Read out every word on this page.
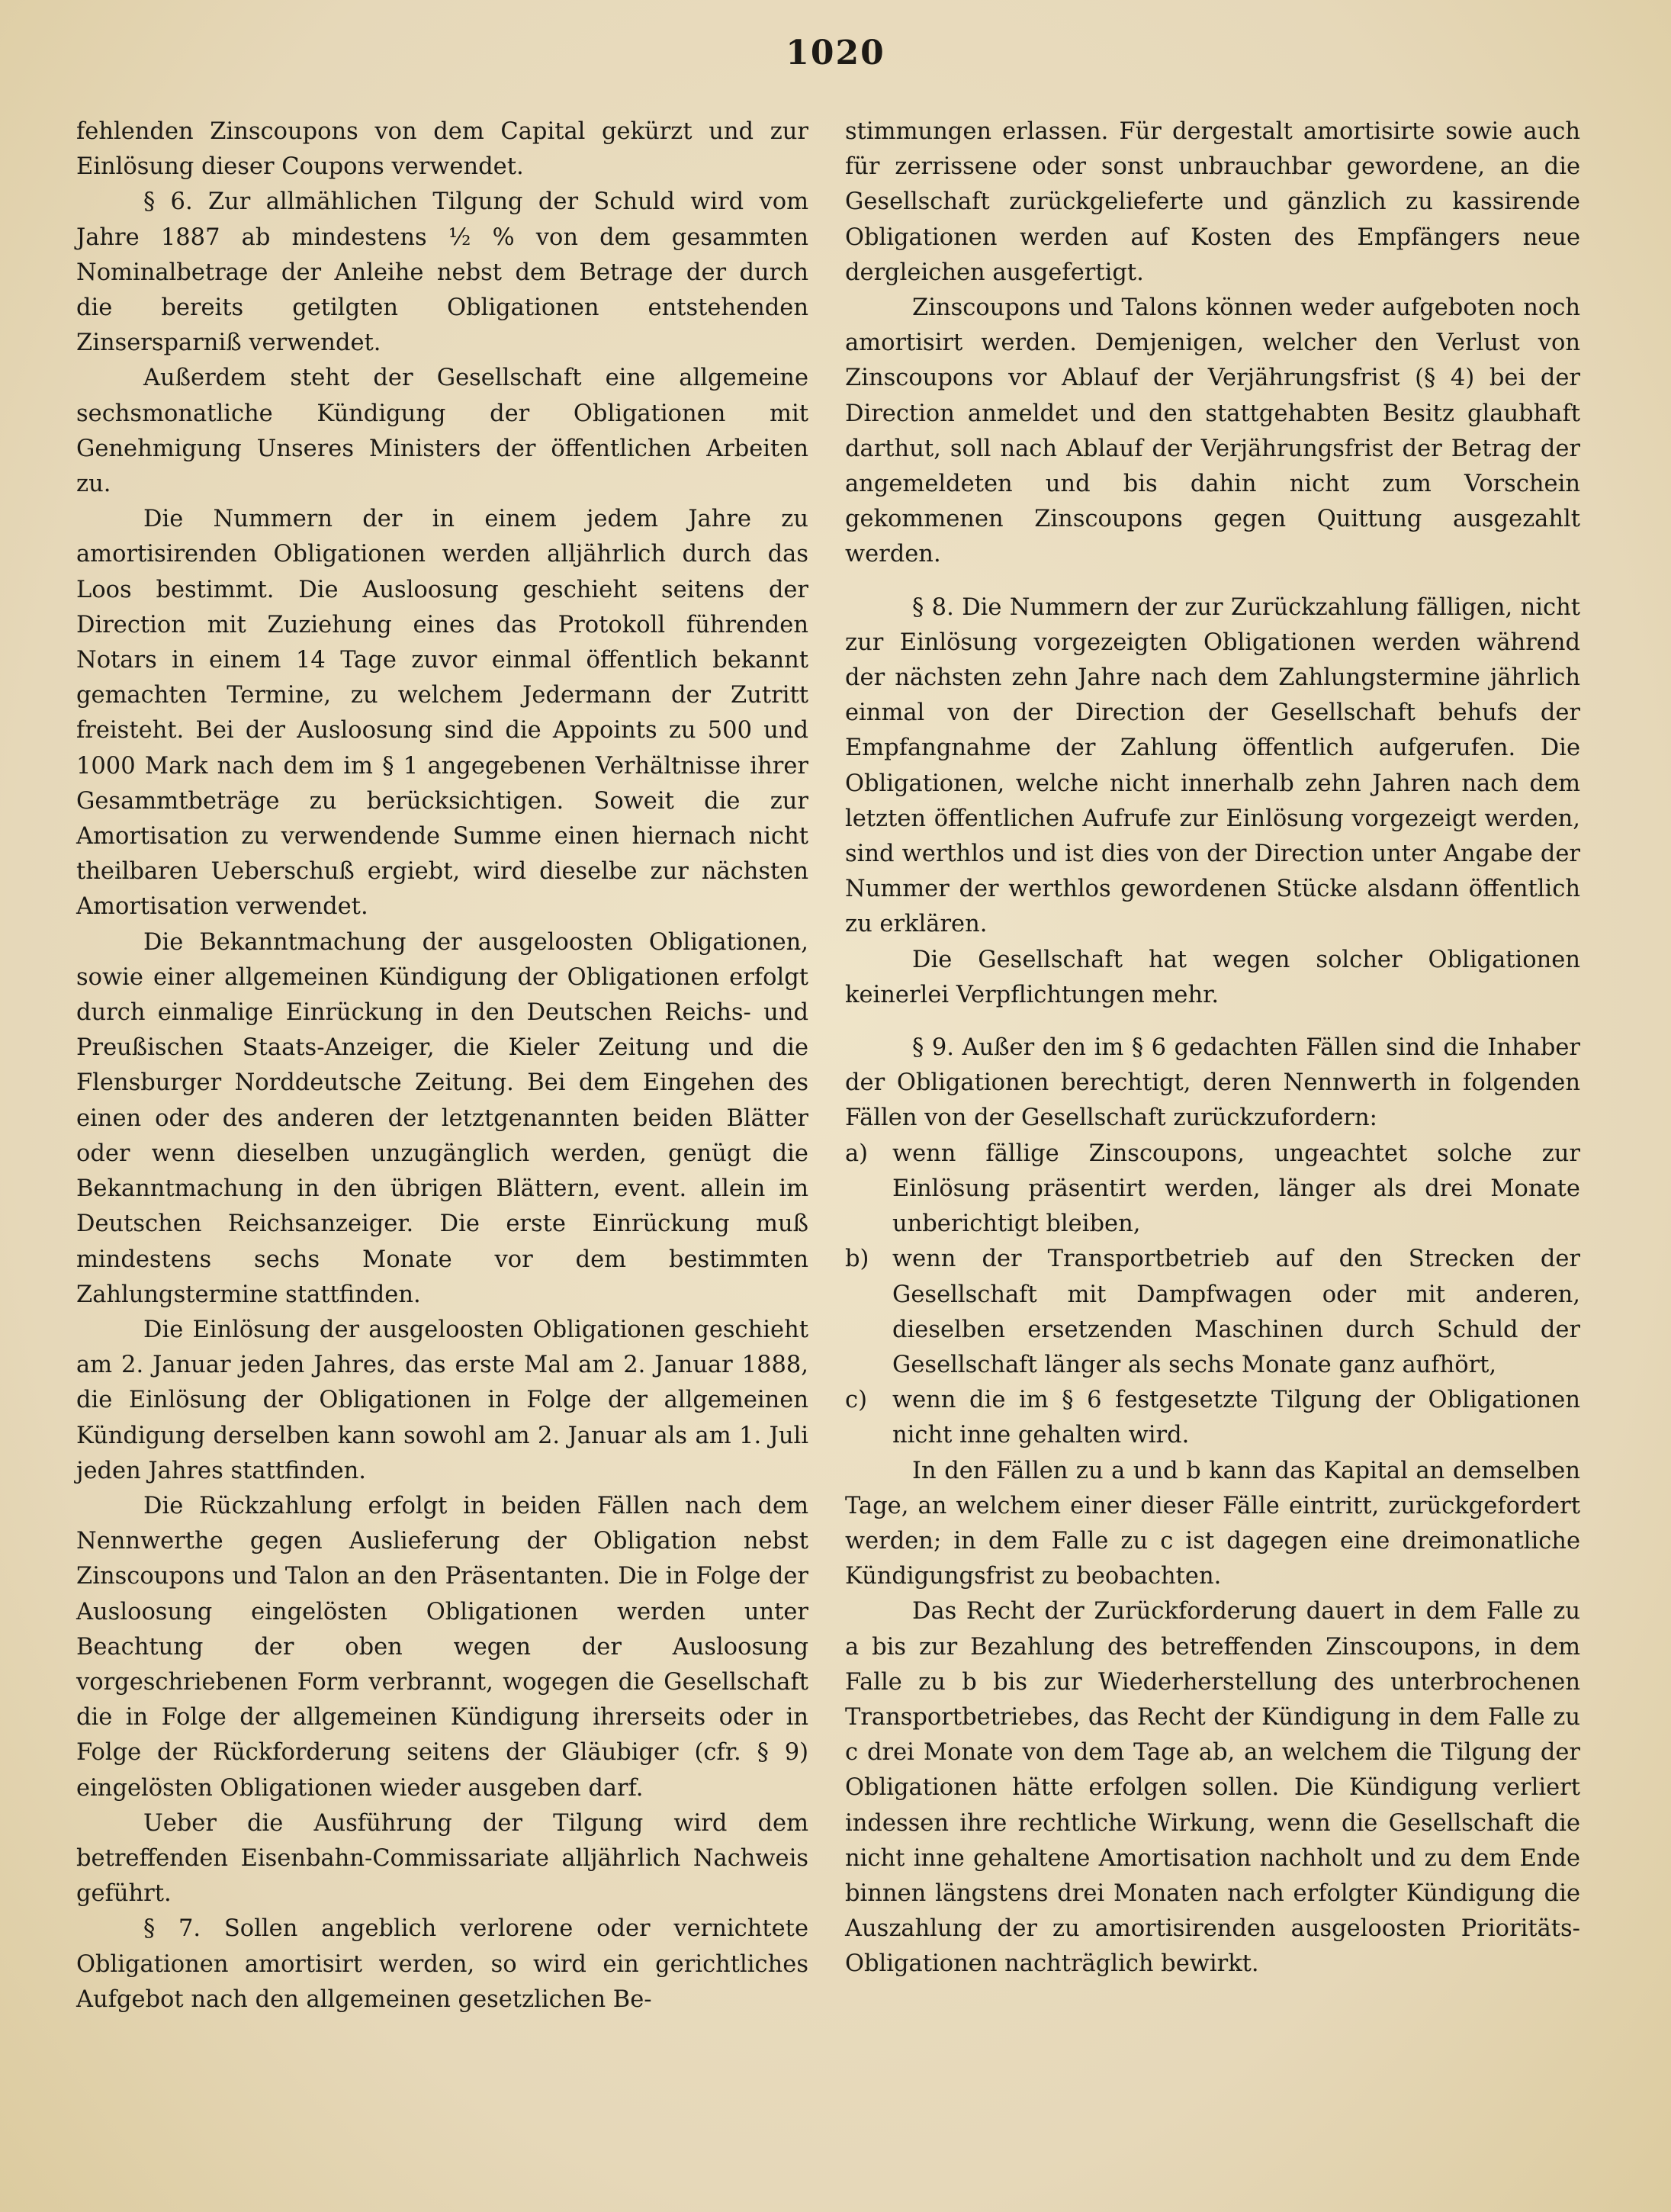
1020

fehlenden Zinscoupons von dem Capital gekürzt und zur Einlösung dieser Coupons verwendet.

§ 6. Zur allmählichen Tilgung der Schuld wird vom Jahre 1887 ab mindestens ½ % von dem gesammten Nominalbetrage der Anleihe nebst dem Betrage der durch die bereits getilgten Obligationen entstehenden Zinsersparniß verwendet.

Außerdem steht der Gesellschaft eine allgemeine sechsmonatliche Kündigung der Obligationen mit Genehmigung Unseres Ministers der öffentlichen Arbeiten zu.

Die Nummern der in einem jedem Jahre zu amortisirenden Obligationen werden alljährlich durch das Loos bestimmt. Die Ausloosung geschieht seitens der Direction mit Zuziehung eines das Protokoll führenden Notars in einem 14 Tage zuvor einmal öffentlich bekannt gemachten Termine, zu welchem Jedermann der Zutritt freisteht. Bei der Ausloosung sind die Appoints zu 500 und 1000 Mark nach dem im § 1 angegebenen Verhältnisse ihrer Gesammtbeträge zu berücksichtigen. Soweit die zur Amortisation zu verwendende Summe einen hiernach nicht theilbaren Ueberschuß ergiebt, wird dieselbe zur nächsten Amortisation verwendet.

Die Bekanntmachung der ausgeloosten Obligationen, sowie einer allgemeinen Kündigung der Obligationen erfolgt durch einmalige Einrückung in den Deutschen Reichs- und Preußischen Staats-Anzeiger, die Kieler Zeitung und die Flensburger Norddeutsche Zeitung. Bei dem Eingehen des einen oder des anderen der letztgenannten beiden Blätter oder wenn dieselben unzugänglich werden, genügt die Bekanntmachung in den übrigen Blättern, event. allein im Deutschen Reichsanzeiger. Die erste Einrückung muß mindestens sechs Monate vor dem bestimmten Zahlungstermine stattfinden.

Die Einlösung der ausgeloosten Obligationen geschieht am 2. Januar jeden Jahres, das erste Mal am 2. Januar 1888, die Einlösung der Obligationen in Folge der allgemeinen Kündigung derselben kann sowohl am 2. Januar als am 1. Juli jeden Jahres stattfinden.

Die Rückzahlung erfolgt in beiden Fällen nach dem Nennwerthe gegen Auslieferung der Obligation nebst Zinscoupons und Talon an den Präsentanten. Die in Folge der Ausloosung eingelösten Obligationen werden unter Beachtung der oben wegen der Ausloosung vorgeschriebenen Form verbrannt, wogegen die Gesellschaft die in Folge der allgemeinen Kündigung ihrerseits oder in Folge der Rückforderung seitens der Gläubiger (cfr. § 9) eingelösten Obligationen wieder ausgeben darf.

Ueber die Ausführung der Tilgung wird dem betreffenden Eisenbahn-Commissariate alljährlich Nachweis geführt.

§ 7. Sollen angeblich verlorene oder vernichtete Obligationen amortisirt werden, so wird ein gerichtliches Aufgebot nach den allgemeinen gesetzlichen Be-

stimmungen erlassen. Für dergestalt amortisirte sowie auch für zerrissene oder sonst unbrauchbar gewordene, an die Gesellschaft zurückgelieferte und gänzlich zu kassirende Obligationen werden auf Kosten des Empfängers neue dergleichen ausgefertigt.

Zinscoupons und Talons können weder aufgeboten noch amortisirt werden. Demjenigen, welcher den Verlust von Zinscoupons vor Ablauf der Verjährungsfrist (§ 4) bei der Direction anmeldet und den stattgehabten Besitz glaubhaft darthut, soll nach Ablauf der Verjährungsfrist der Betrag der angemeldeten und bis dahin nicht zum Vorschein gekommenen Zinscoupons gegen Quittung ausgezahlt werden.

§ 8. Die Nummern der zur Zurückzahlung fälligen, nicht zur Einlösung vorgezeigten Obligationen werden während der nächsten zehn Jahre nach dem Zahlungstermine jährlich einmal von der Direction der Gesellschaft behufs der Empfangnahme der Zahlung öffentlich aufgerufen. Die Obligationen, welche nicht innerhalb zehn Jahren nach dem letzten öffentlichen Aufrufe zur Einlösung vorgezeigt werden, sind werthlos und ist dies von der Direction unter Angabe der Nummer der werthlos gewordenen Stücke alsdann öffentlich zu erklären.

Die Gesellschaft hat wegen solcher Obligationen keinerlei Verpflichtungen mehr.

§ 9. Außer den im § 6 gedachten Fällen sind die Inhaber der Obligationen berechtigt, deren Nennwerth in folgenden Fällen von der Gesellschaft zurückzufordern:

a)	wenn fällige Zinscoupons, ungeachtet solche zur Einlösung präsentirt werden, länger als drei Monate unberichtigt bleiben,
b)	wenn der Transportbetrieb auf den Strecken der Gesellschaft mit Dampfwagen oder mit anderen, dieselben ersetzenden Maschinen durch Schuld der Gesellschaft länger als sechs Monate ganz aufhört,
c)	wenn die im § 6 festgesetzte Tilgung der Obligationen nicht inne gehalten wird.

In den Fällen zu a und b kann das Kapital an demselben Tage, an welchem einer dieser Fälle eintritt, zurückgefordert werden; in dem Falle zu c ist dagegen eine dreimonatliche Kündigungsfrist zu beobachten.

Das Recht der Zurückforderung dauert in dem Falle zu a bis zur Bezahlung des betreffenden Zinscoupons, in dem Falle zu b bis zur Wiederherstellung des unterbrochenen Transportbetriebes, das Recht der Kündigung in dem Falle zu c drei Monate von dem Tage ab, an welchem die Tilgung der Obligationen hätte erfolgen sollen. Die Kündigung verliert indessen ihre rechtliche Wirkung, wenn die Gesellschaft die nicht inne gehaltene Amortisation nachholt und zu dem Ende binnen längstens drei Monaten nach erfolgter Kündigung die Auszahlung der zu amortisirenden ausgeloosten Prioritäts-Obligationen nachträglich bewirkt.
